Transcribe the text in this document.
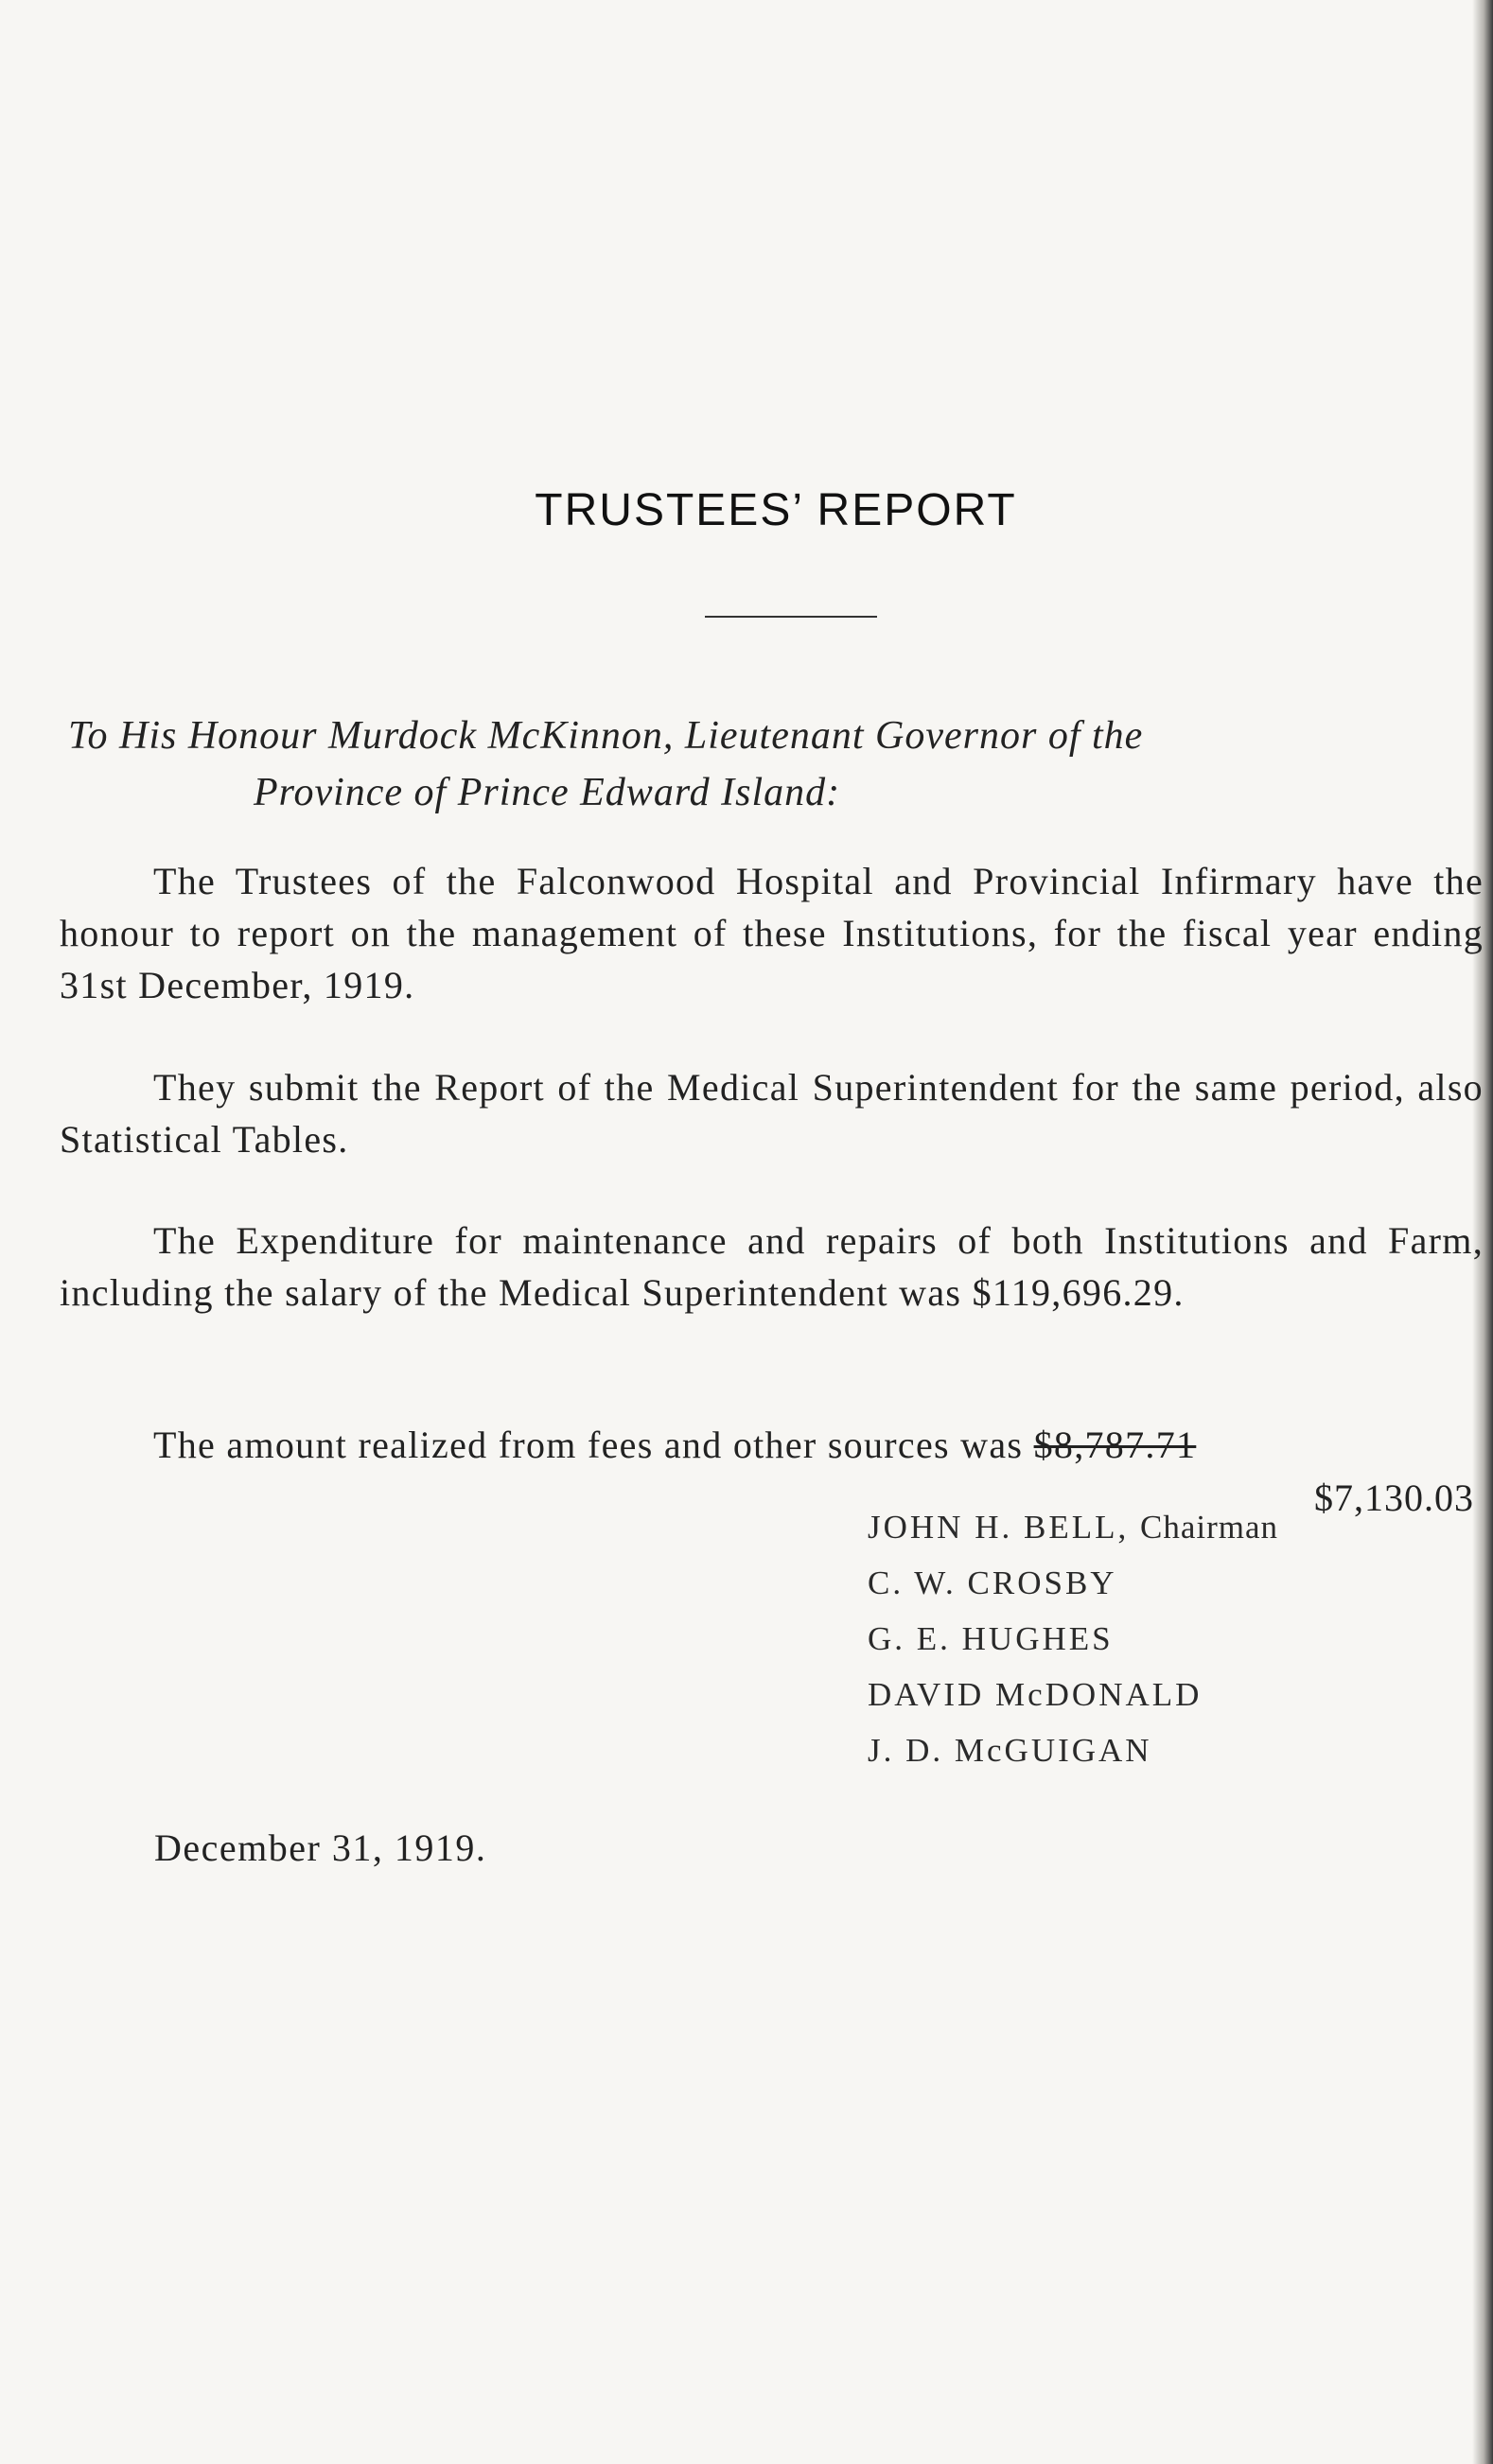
TRUSTEES’ REPORT
To His Honour Murdock McKinnon, Lieutenant Governor of the
Province of Prince Edward Island:

The Trustees of the Falconwood Hospital and Provincial Infirmary have the honour to report on the management of these Institutions, for the fiscal year ending 31st December, 1919.

They submit the Report of the Medical Superintendent for the same period, also Statistical Tables.

The Expenditure for maintenance and repairs of both Institutions and Farm, including the salary of the Medical Superintendent was $119,696.29.

The amount realized from fees and other sources was $8,787.71

$7,130.03
JOHN H. BELL, Chairman
C. W. CROSBY
G. E. HUGHES
DAVID McDONALD
J. D. McGUIGAN
December 31, 1919.
